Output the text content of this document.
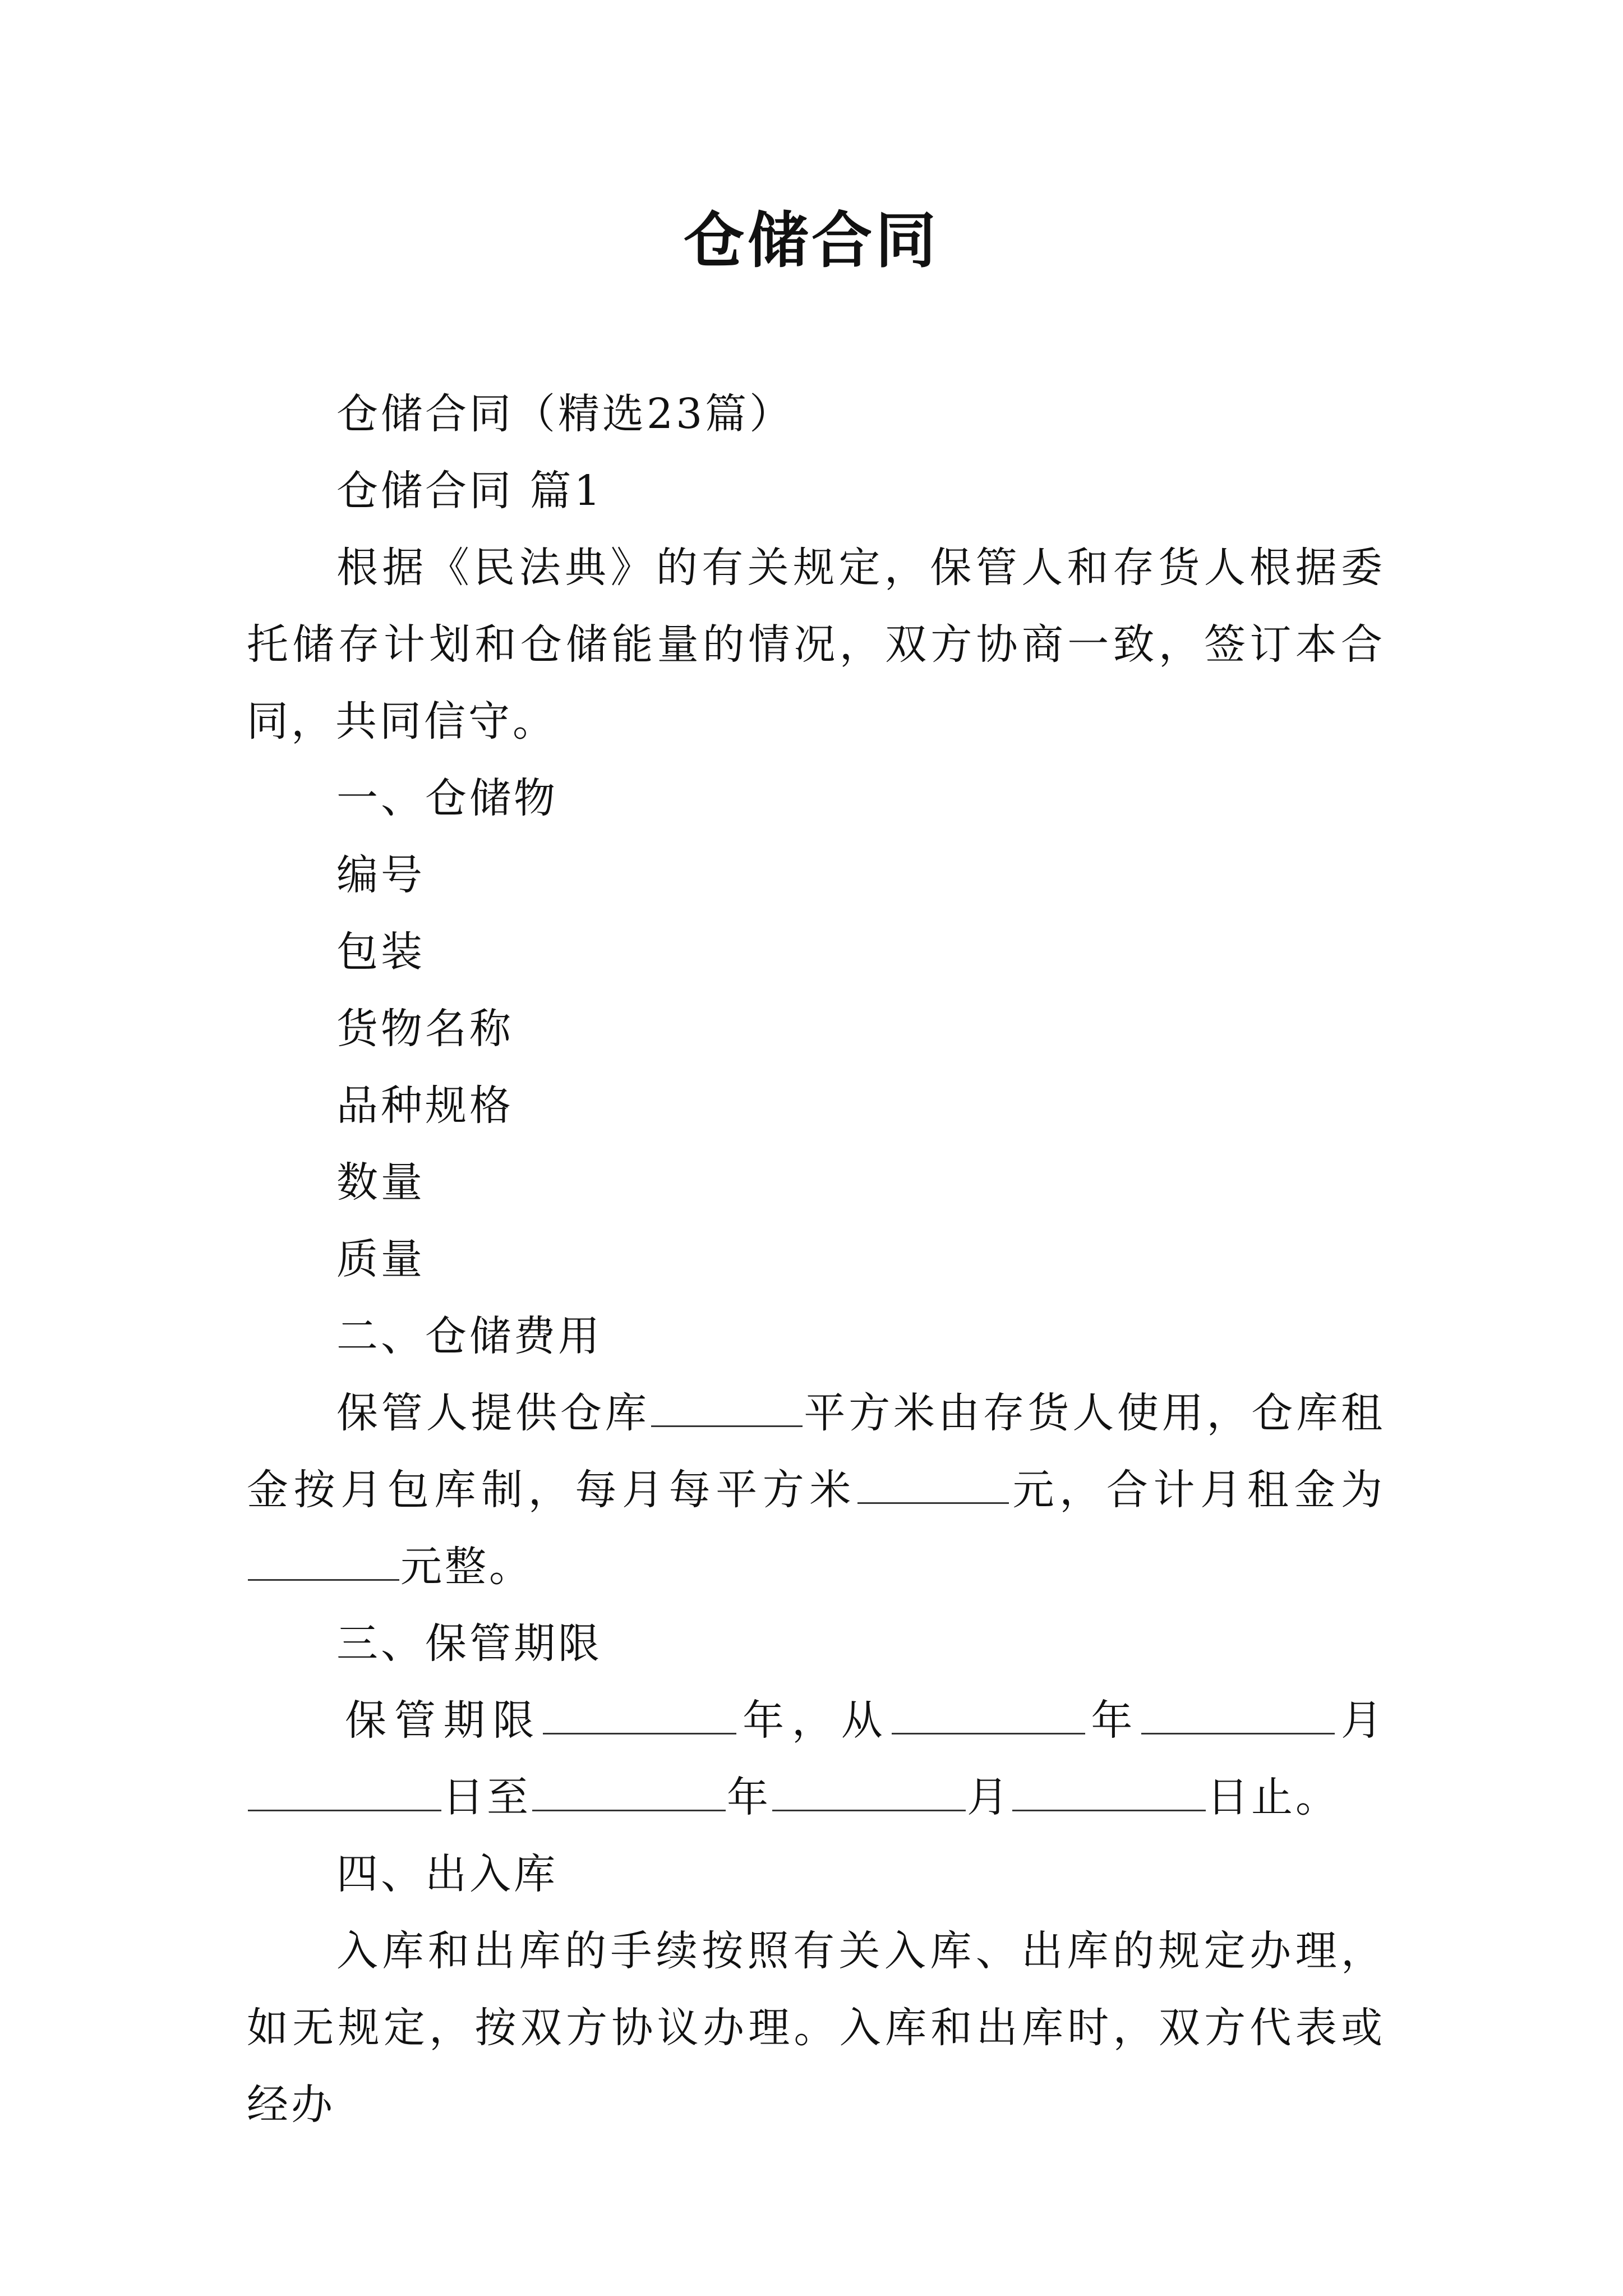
仓储合同

仓储合同（精选23篇）

仓储合同 篇1

根据《民法典》的有关规定，保管人和存货人根据委托储存计划和仓储能量的情况，双方协商一致，签订本合同，共同信守。

一、仓储物

编号

包装

货物名称

品种规格

数量

质量

二、仓储费用

保管人提供仓库	平方米由存货人使用，仓库租金按月包库制，每月每平方米	元，合计月租金为元整。

三、保管期限

保管期限	年，从	年	月日至	年	月	日止。

四、出入库

入库和出库的手续按照有关入库、出库的规定办理，如无规定，按双方协议办理。入库和出库时，双方代表或经办
